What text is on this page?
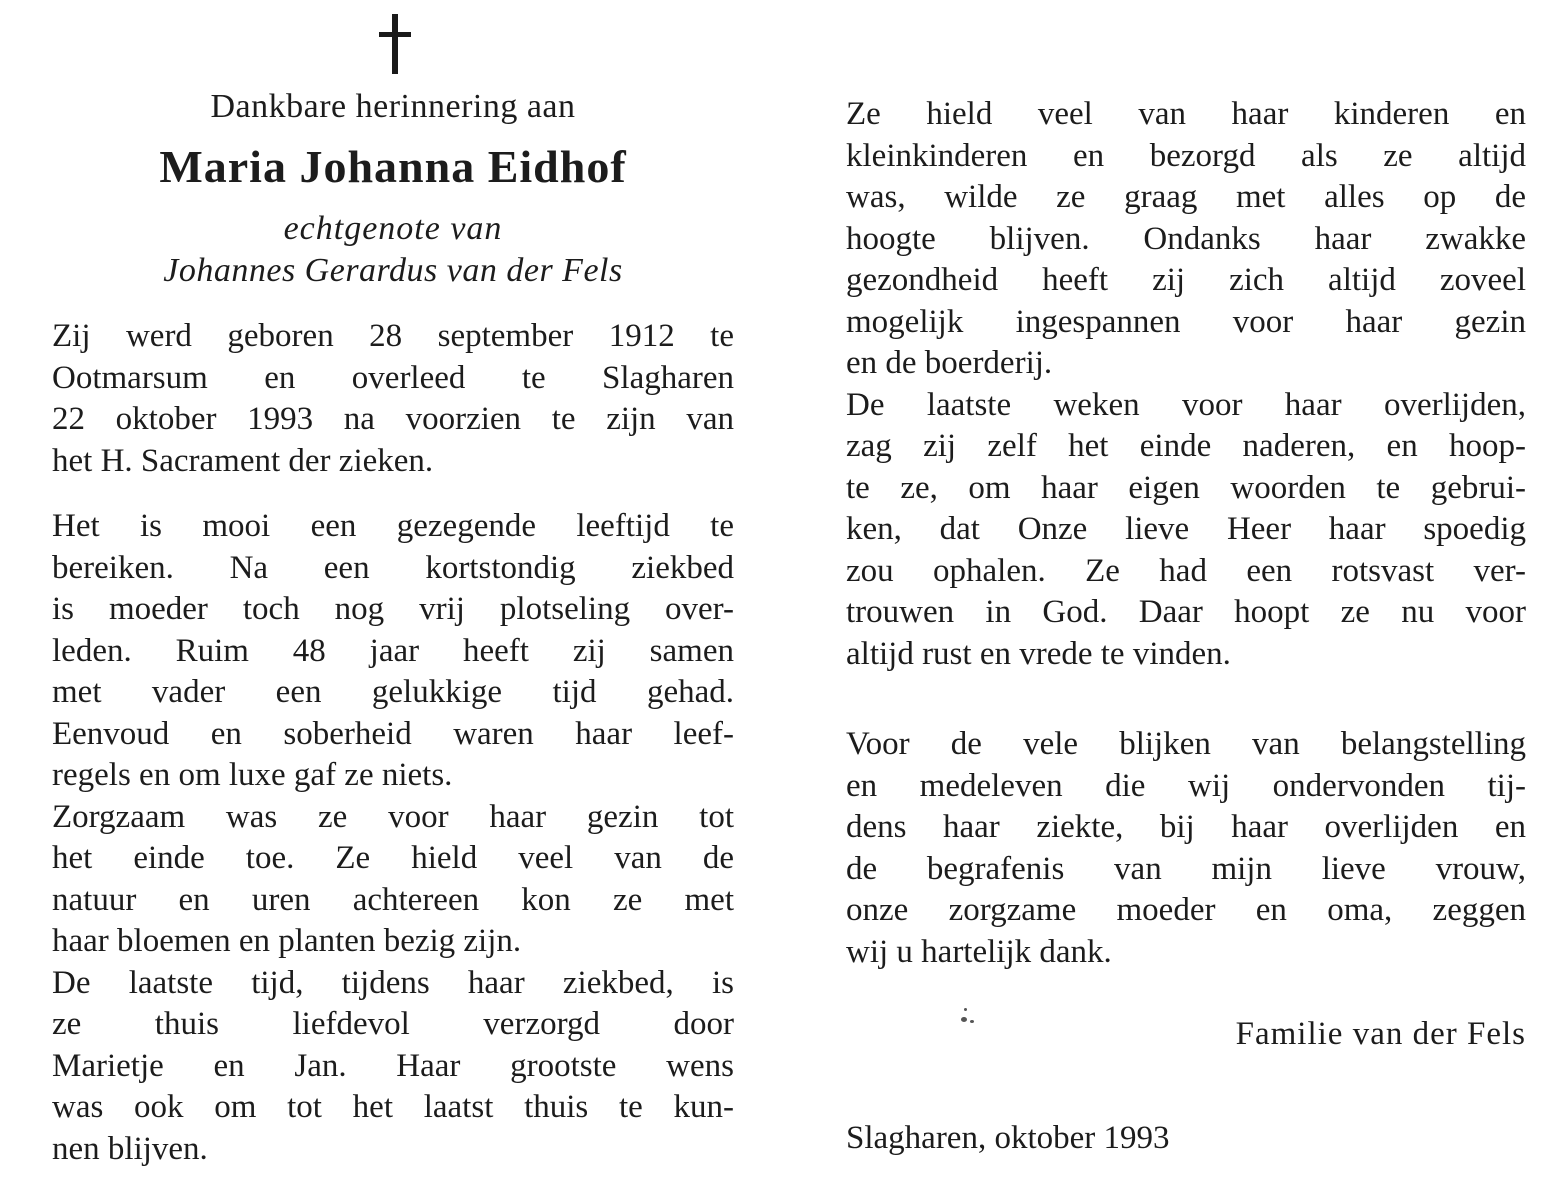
Dankbare herinnering aan
Maria Johanna Eidhof
echtgenote van
Johannes Gerardus van der Fels
Zij werd geboren 28 september 1912 te
Ootmarsum en overleed te Slagharen
22 oktober 1993 na voorzien te zijn van
het H. Sacrament der zieken.
Het is mooi een gezegende leeftijd te
bereiken. Na een kortstondig ziekbed
is moeder toch nog vrij plotseling over-
leden. Ruim 48 jaar heeft zij samen
met vader een gelukkige tijd gehad.
Eenvoud en soberheid waren haar leef-
regels en om luxe gaf ze niets.
Zorgzaam was ze voor haar gezin tot
het einde toe. Ze hield veel van de
natuur en uren achtereen kon ze met
haar bloemen en planten bezig zijn.
De laatste tijd, tijdens haar ziekbed, is
ze thuis liefdevol verzorgd door
Marietje en Jan. Haar grootste wens
was ook om tot het laatst thuis te kun-
nen blijven.
Ze hield veel van haar kinderen en
kleinkinderen en bezorgd als ze altijd
was, wilde ze graag met alles op de
hoogte blijven. Ondanks haar zwakke
gezondheid heeft zij zich altijd zoveel
mogelijk ingespannen voor haar gezin
en de boerderij.
De laatste weken voor haar overlijden,
zag zij zelf het einde naderen, en hoop-
te ze, om haar eigen woorden te gebrui-
ken, dat Onze lieve Heer haar spoedig
zou ophalen. Ze had een rotsvast ver-
trouwen in God. Daar hoopt ze nu voor
altijd rust en vrede te vinden.
Voor de vele blijken van belangstelling
en medeleven die wij ondervonden tij-
dens haar ziekte, bij haar overlijden en
de begrafenis van mijn lieve vrouw,
onze zorgzame moeder en oma, zeggen
wij u hartelijk dank.
Familie van der Fels
Slagharen, oktober 1993
